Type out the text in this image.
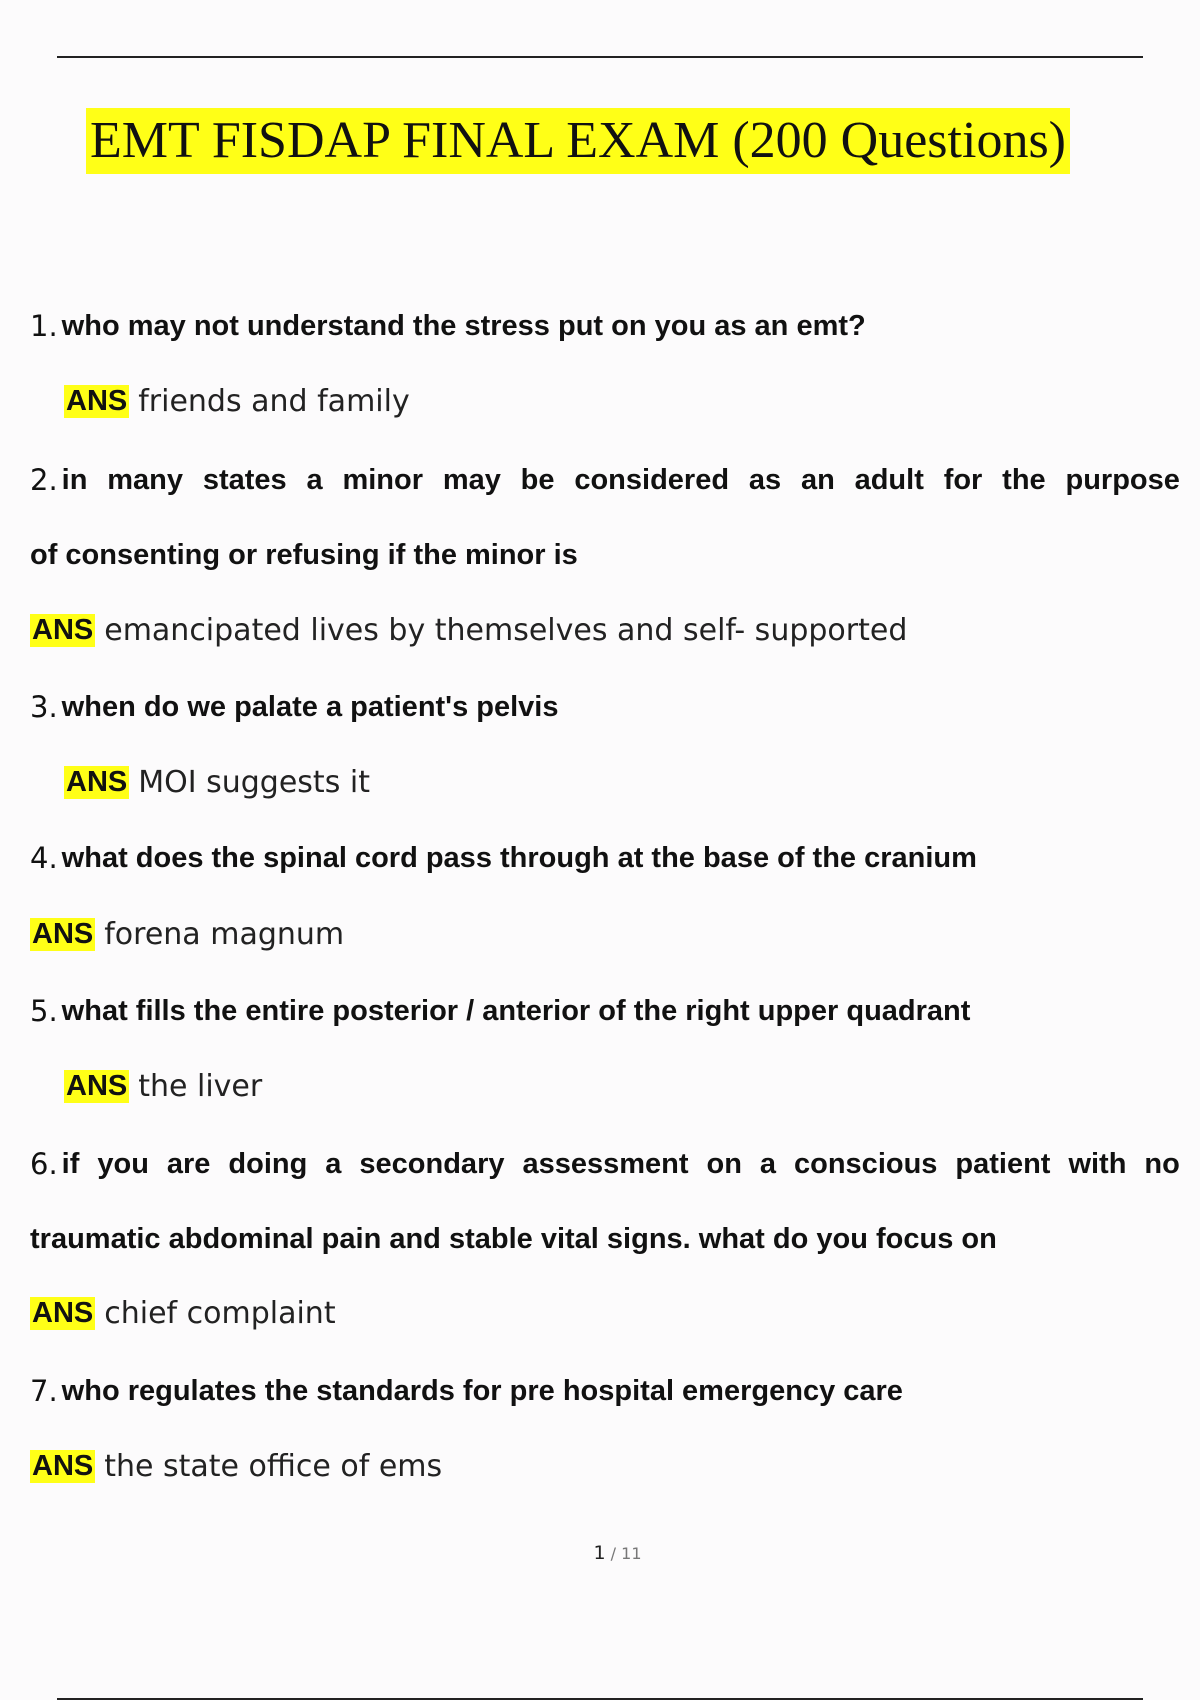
EMT FISDAP FINAL EXAM (200 Questions)
1. who may not understand the stress put on you as an emt?
ANS friends and family
2. in many states a minor may be considered as an adult for the purpose
of consenting or refusing if the minor is
ANS emancipated lives by themselves and self- supported
3. when do we palate a patient's pelvis
ANS MOI suggests it
4. what does the spinal cord pass through at the base of the cranium
ANS forena magnum
5. what fills the entire posterior / anterior of the right upper quadrant
ANS the liver
6. if you are doing a secondary assessment on a conscious patient with no
traumatic abdominal pain and stable vital signs. what do you focus on
ANS chief complaint
7. who regulates the standards for pre hospital emergency care
ANS the state office of ems
1 / 11
